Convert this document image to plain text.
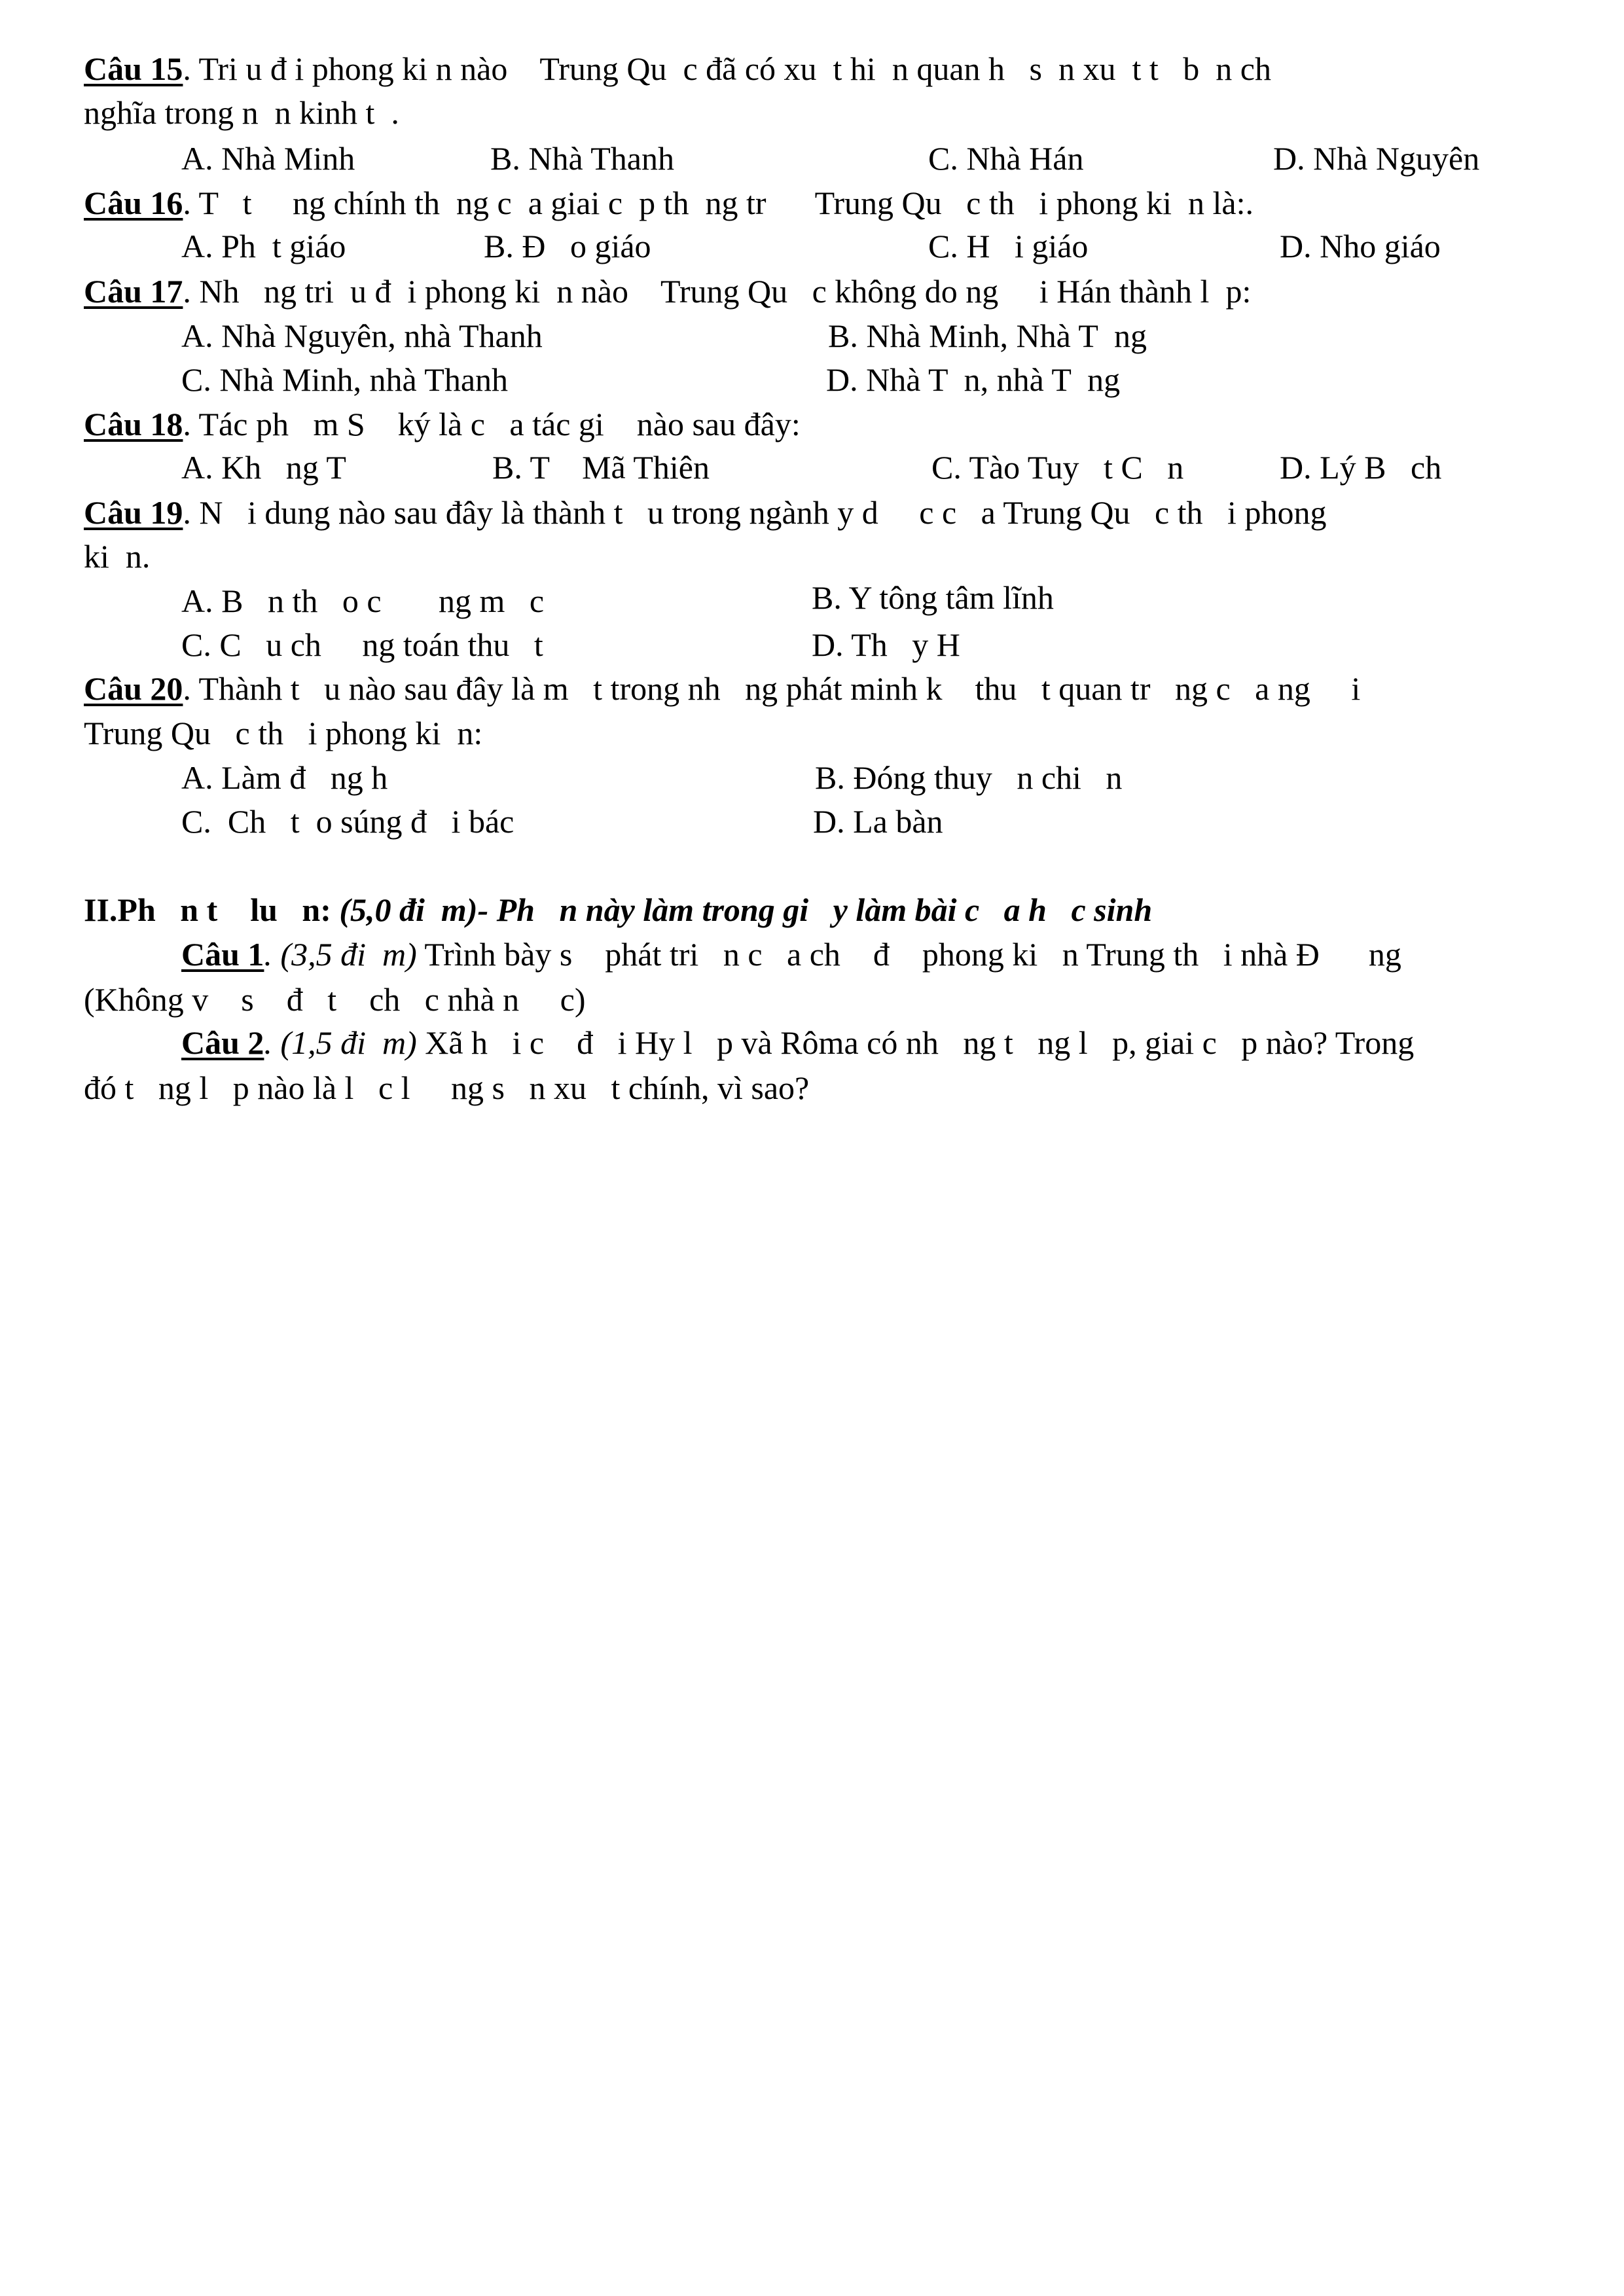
Câu 15. Tri u đ i phong ki n nào    Trung Qu  c đã có xu  t hi  n quan h   s  n xu  t t   b  n ch
nghĩa trong n  n kinh t  .
A. Nhà Minh	B. Nhà Thanh	C. Nhà Hán	D. Nhà Nguyên
Câu 16. T   t     ng chính th  ng c  a giai c  p th  ng tr      Trung Qu   c th   i phong ki  n là:.
A. Ph  t giáo	B. Đ   o giáo	C. H   i giáo	D. Nho giáo
Câu 17. Nh   ng tri  u đ  i phong ki  n nào    Trung Qu   c không do ng     i Hán thành l  p:
A. Nhà Nguyên, nhà Thanh	B. Nhà Minh, Nhà T  ng
C. Nhà Minh, nhà Thanh	D. Nhà T  n, nhà T  ng
Câu 18. Tác ph   m S    ký là c   a tác gi    nào sau đây:
A. Kh   ng T	B. T    Mã Thiên	C. Tào Tuy   t C   n	D. Lý B   ch
Câu 19. N   i dung nào sau đây là thành t   u trong ngành y d     c c   a Trung Qu   c th   i phong
ki  n.
A. B   n th   o c       ng m   c	B. Y tông tâm lĩnh
C. C   u ch     ng toán thu   t	D. Th   y H
Câu 20. Thành t   u nào sau đây là m   t trong nh   ng phát minh k    thu   t quan tr   ng c   a ng     i
Trung Qu   c th   i phong ki  n:
A. Làm đ   ng h	B. Đóng thuy   n chi   n
C.  Ch   t  o súng đ   i bác	D. La bàn
II.Ph   n t    lu   n: (5,0 đi  m)- Ph   n này làm trong gi   y làm bài c   a h   c sinh
Câu 1. (3,5 đi  m) Trình bày s    phát tri   n c   a ch    đ    phong ki   n Trung th   i nhà Đ      ng
(Không v    s    đ   t    ch   c nhà n     c)
Câu 2. (1,5 đi  m) Xã h   i c    đ   i Hy l   p và Rôma có nh   ng t   ng l   p, giai c   p nào? Trong
đó t   ng l   p nào là l   c l     ng s   n xu   t chính, vì sao?
